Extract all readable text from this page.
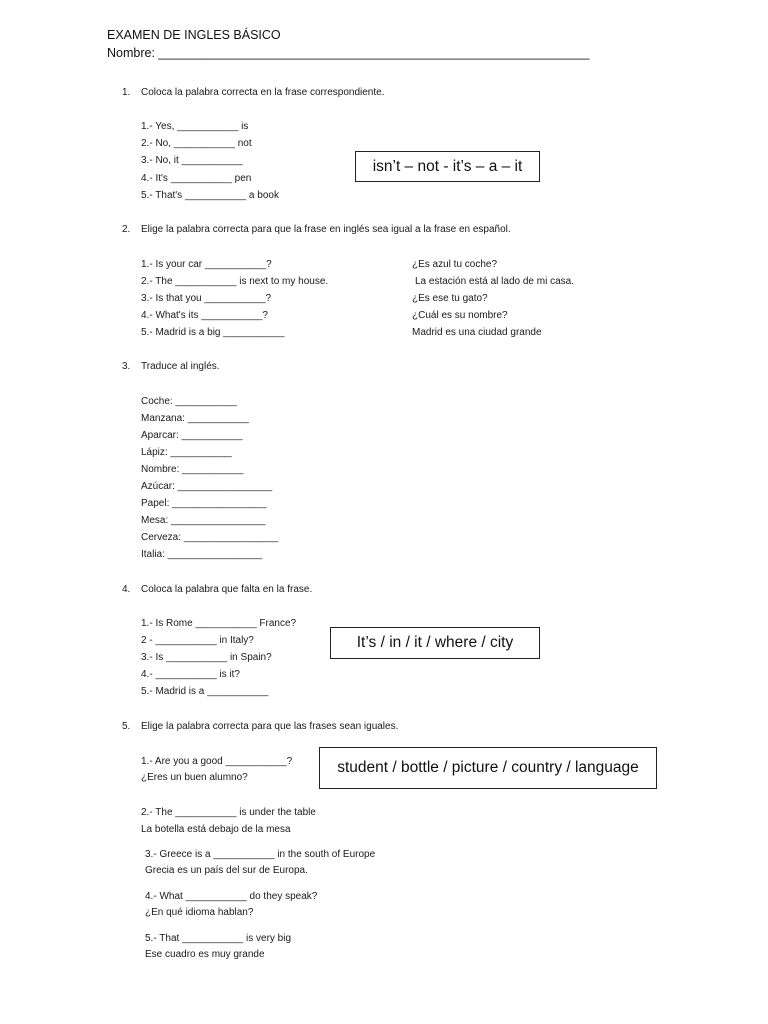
EXAMEN DE INGLES BÁSICO
Nombre: ______________________________________________________________
1. Coloca la palabra correcta en la frase correspondiente.
1.- Yes, ___________ is
2.- No, ___________ not
3.- No, it ___________
4.- It's ___________ pen
5.- That's ___________ a book
isn’t – not - it’s – a – it
2. Elige la palabra correcta para que la frase en inglés sea igual a la frase en español.
1.- Is your car ___________?
2.- The ___________ is next to my house.
3.- Is that you ___________?
4.- What's its ___________?
5.- Madrid is a big ___________
¿Es azul tu coche?
La estación está al lado de mi casa.
¿Es ese tu gato?
¿Cuál es su nombre?
Madrid es una ciudad grande
3. Traduce al inglés.
Coche: ___________
Manzana: ___________
Aparcar: ___________
Lápiz: ___________
Nombre: ___________
Azúcar: _________________
Papel: _________________
Mesa: _________________
Cerveza: _________________
Italia: _________________
4. Coloca la palabra que falta en la frase.
1.- Is Rome ___________ France?
2 - ___________ in Italy?
3.- Is ___________ in Spain?
4.- ___________ is it?
5.- Madrid is a ___________
It’s / in / it / where / city
5. Elige la palabra correcta para que las frases sean iguales.
student / bottle / picture / country / language
1.- Are you a good ___________?
¿Eres un buen alumno?
2.- The ___________ is under the table
La botella está debajo de la mesa
3.- Greece is a ___________ in the south of Europe
Grecia es un país del sur de Europa.
4.- What ___________ do they speak?
¿En qué idioma hablan?
5.- That ___________ is very big
Ese cuadro es muy grande
